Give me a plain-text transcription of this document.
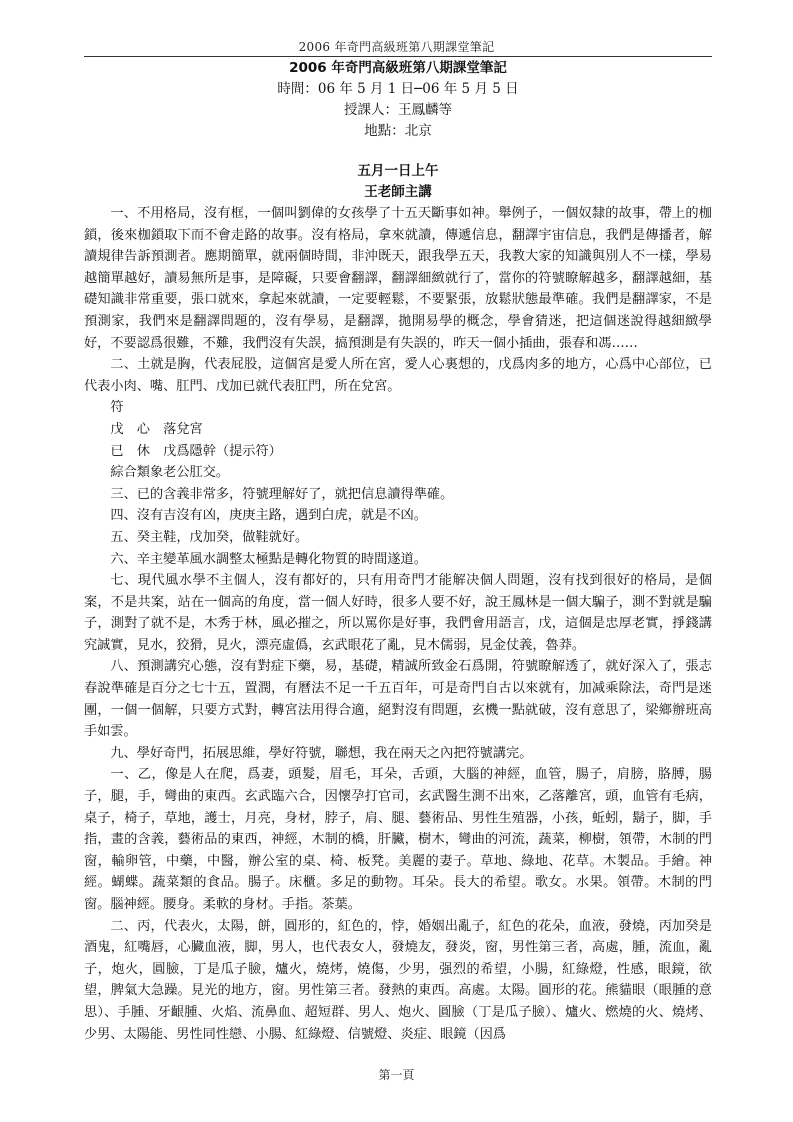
2006 年奇門高級班第八期課堂筆記
2006 年奇門高級班第八期課堂筆記
時間：06 年 5 月 1 日─06 年 5 月 5 日
授課人：王鳳麟等
地點：北京
五月一日上午
王老師主講

一、不用格局，沒有框，一個叫劉偉的女孩學了十五天斷事如神。舉例子，一個奴隸的故事，帶上的枷鎖，後來枷鎖取下而不會走路的故事。沒有格局，拿來就讀，傳遞信息，翻譯宇宙信息，我們是傳播者，解讀規律告訴預測者。應期簡單，就兩個時間，非沖既天，跟我學五天，我教大家的知識與別人不一樣，學易越簡單越好，讀易無所是事，是障礙，只要會翻譯，翻譯細緻就行了，當你的符號瞭解越多，翻譯越細，基礎知識非常重要，張口就來，拿起來就讀，一定要輕鬆，不要緊張，放鬆狀態最準確。我們是翻譯家，不是預測家，我們來是翻譯問題的，沒有學易，是翻譯，拋開易學的概念，學會猜迷，把這個迷說得越細緻學好，不要認爲很難，不難，我們沒有失誤，搞預測是有失誤的，昨天一個小插曲，張春和馮……

二、土就是胸，代表屁股，這個宮是愛人所在宮，愛人心裏想的，戊爲肉多的地方，心爲中心部位，已代表小肉、嘴、肛門、戊加已就代表肛門，所在兌宮。

符

戊　心　落兌宮

已　休　戊爲隱幹（提示符）

綜合類象老公肛交。

三、已的含義非常多，符號理解好了，就把信息讀得準確。

四、沒有吉沒有凶，庚庚主路，遇到白虎，就是不凶。

五、癸主鞋，戊加癸，做鞋就好。

六、辛主變革風水調整太極點是轉化物質的時間遂道。

七、現代風水學不主個人，沒有都好的，只有用奇門才能解决個人問題，沒有找到很好的格局，是個案，不是共案，站在一個高的角度，當一個人好時，很多人要不好，說王鳳林是一個大騙子，測不對就是騙子，測對了就不是，木秀于林，風必摧之，所以罵你是好事，我們會用語言，戊，這個是忠厚老實，掙錢講究誠實，見水，狡猾，見火，漂亮虛僞，玄武眼花了亂，見木儒弱，見金仗義，魯莽。

八、預測講究心態，沒有對症下藥，易，基礎，精誠所致金石爲開，符號瞭解透了，就好深入了，張志春說準確是百分之七十五，置潤，有曆法不足一千五百年，可是奇門自古以來就有，加减乘除法，奇門是迷團，一個一個解，只要方式對，轉宮法用得合適，絕對沒有問題，玄機一點就破，沒有意思了，梁鄉辦班高手如雲。

九、學好奇門，拓展思維，學好符號，聯想，我在兩天之內把符號講完。

一、乙，像是人在爬，爲妻，頭髮，眉毛，耳朵，舌頭，大腦的神經，血管，腸子，肩膀，胳膊，腸子，腿，手，彎曲的東西。玄武臨六合，因懷孕打官司，玄武醫生測不出來，乙落離宮，頭，血管有毛病，桌子，椅子，草地，護士，月亮，身材，脖子，肩、腿、藝術品、男性生殖器，小孩，蚯蚓，鬍子，脚，手指，畫的含義，藝術品的東西，神經，木制的橋，肝臟，樹木，彎曲的河流，蔬菜，柳樹，領帶，木制的門窗，輸卵管，中藥，中醫，辦公室的桌、椅、板凳。美麗的妻子。草地、綠地、花草。木製品。手繪。神經。蝴蝶。蔬菜類的食品。腸子。床櫃。多足的動物。耳朵。長大的希望。歌女。水果。領帶。木制的門窗。腦神經。腰身。柔軟的身材。手指。茶葉。

二、丙，代表火，太陽，餅，圓形的，紅色的，悖，婚姻出亂子，紅色的花朵，血液，發燒，丙加癸是酒鬼，紅嘴唇，心臟血液，脚，男人，也代表女人，發燒友，發炎，窗，男性第三者，高處，腫，流血，亂子，炮火，圓臉，丁是瓜子臉，爐火，燒烤，燒傷，少男，强烈的希望，小腸，紅綠燈，性感，眼鏡，欲望，脾氣大急躁。見光的地方，窗。男性第三者。發熱的東西。高處。太陽。圓形的花。熊貓眼（眼腫的意思）、手腫、牙齦腫、火焰、流鼻血、超短群、男人、炮火、圓臉（丁是瓜子臉）、爐火、燃燒的火、燒烤、少男、太陽能、男性同性戀、小腸、紅綠燈、信號燈、炎症、眼鏡（因爲

第一頁
